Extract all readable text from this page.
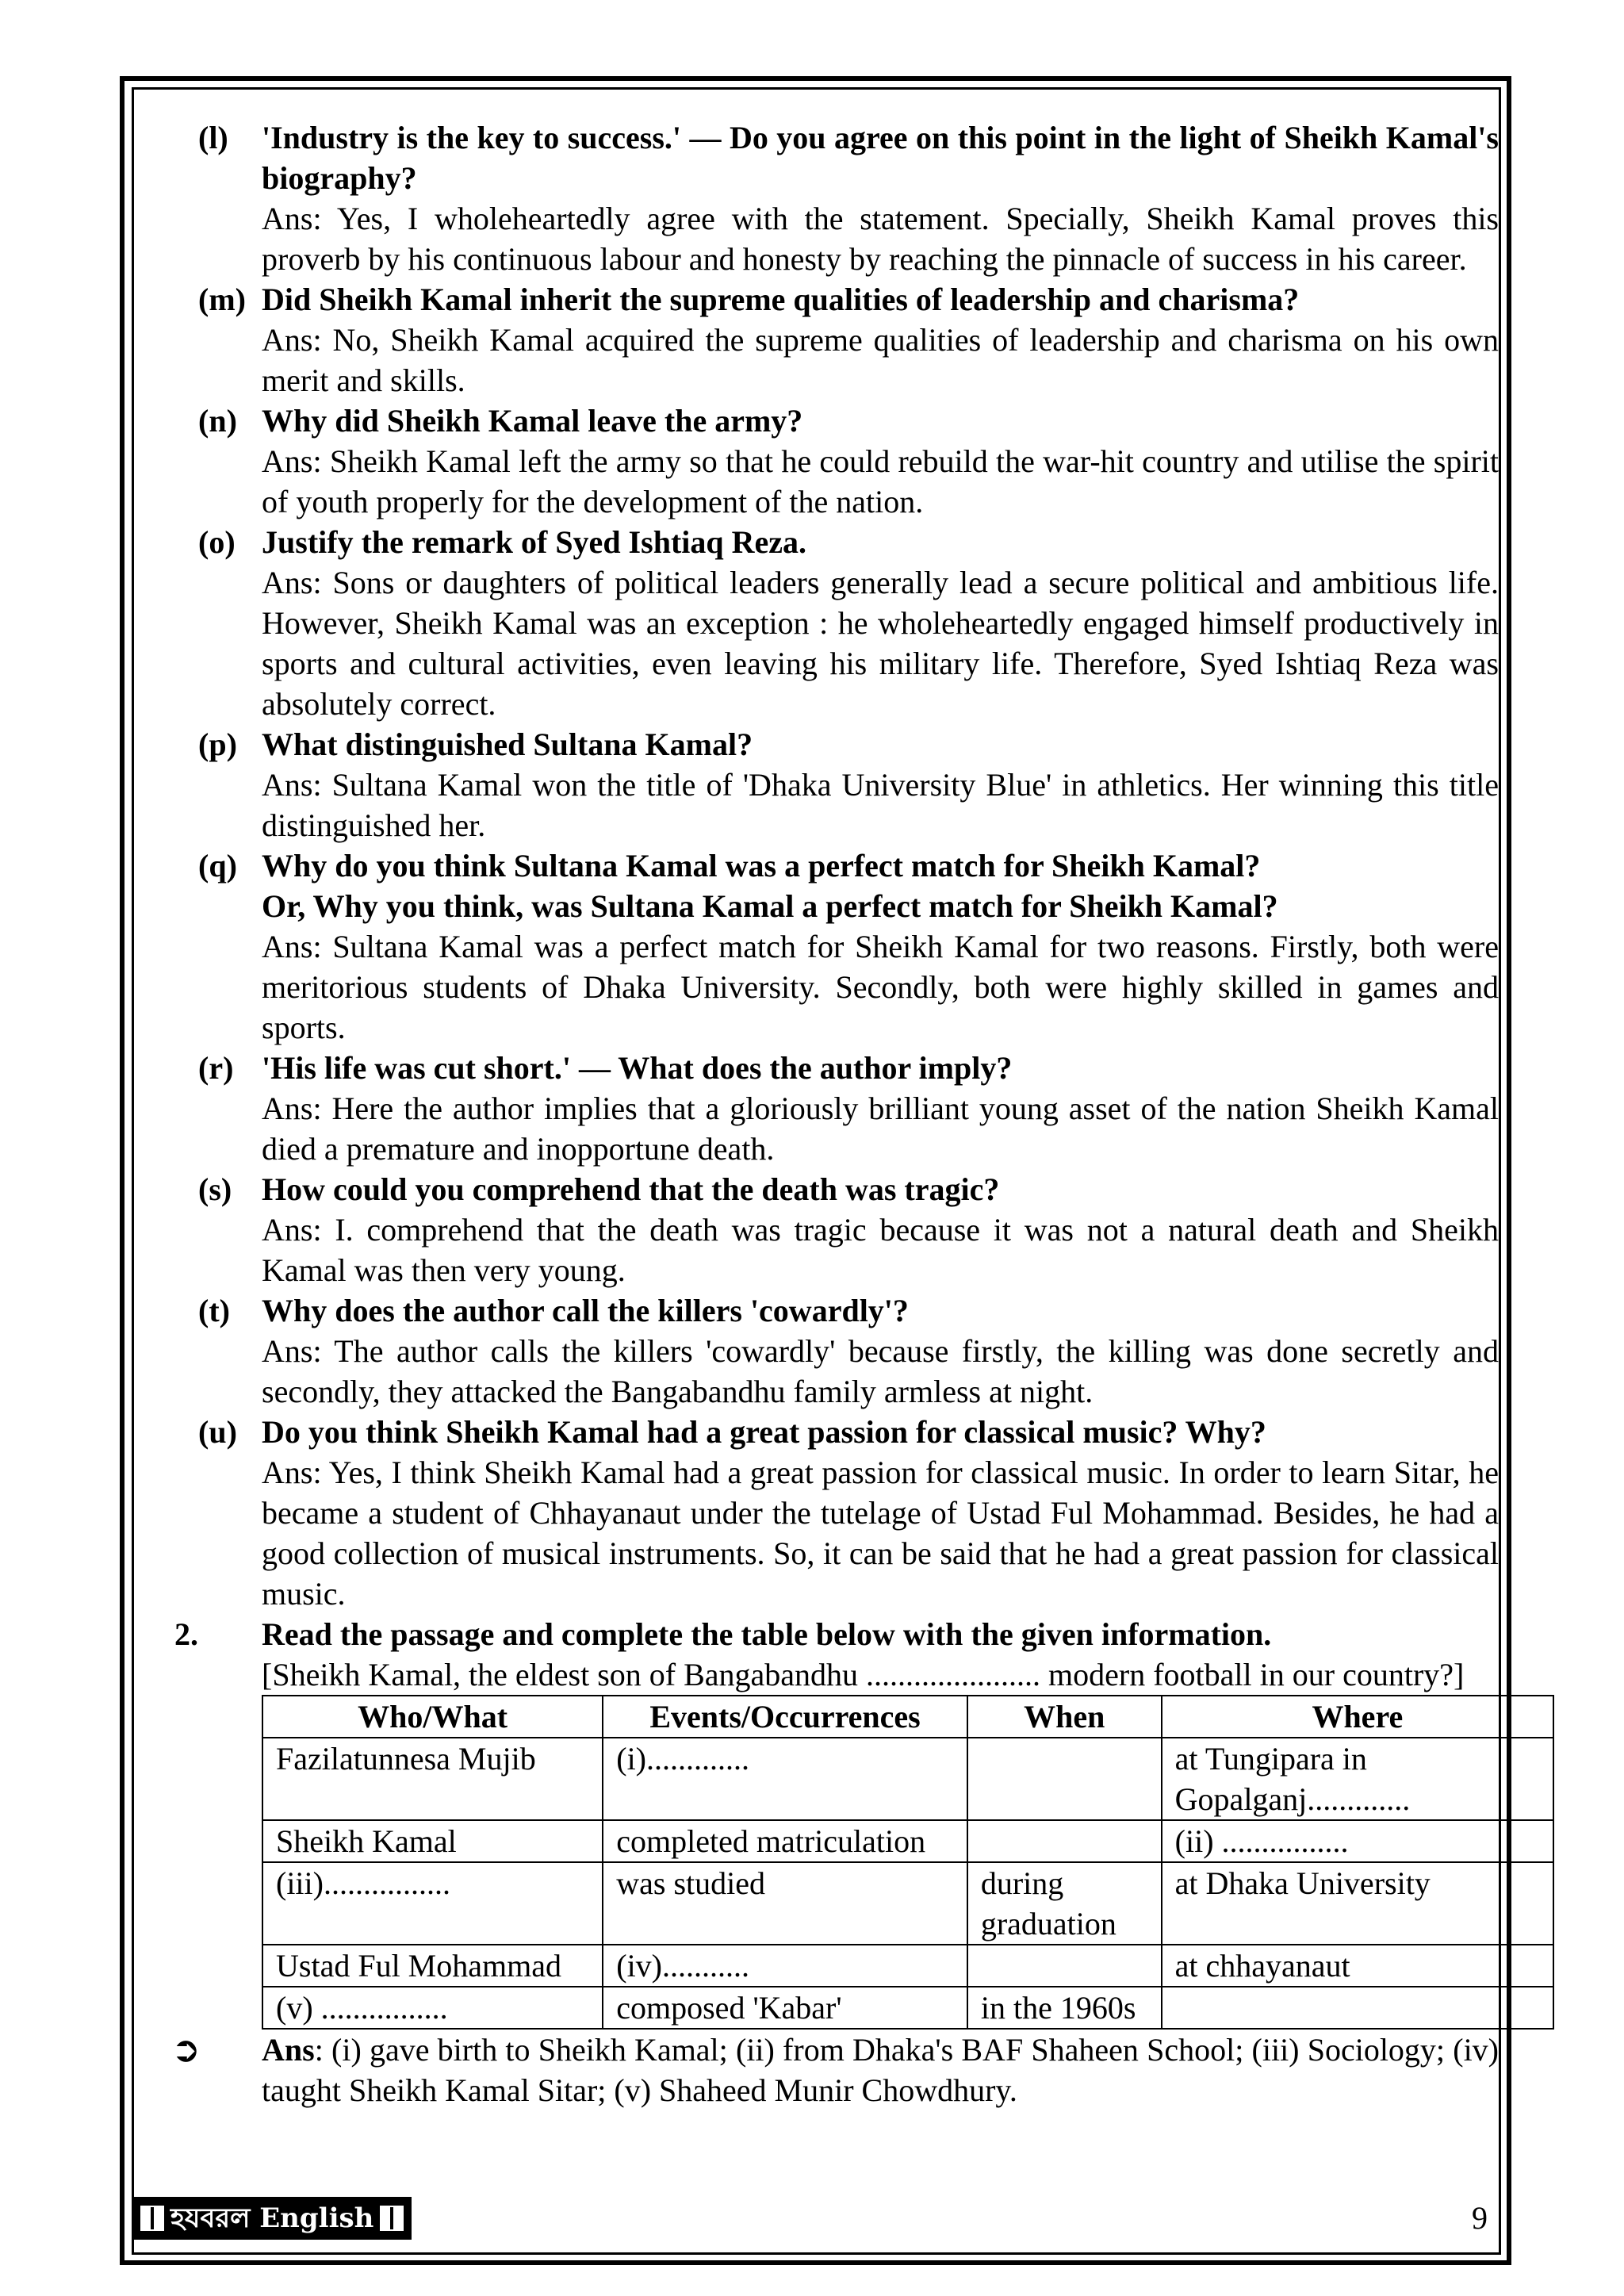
(l) 'Industry is the key to success.' — Do you agree on this point in the light of Sheikh Kamal's biography?
Ans: Yes, I wholeheartedly agree with the statement. Specially, Sheikh Kamal proves this proverb by his continuous labour and honesty by reaching the pinnacle of success in his career.
(m) Did Sheikh Kamal inherit the supreme qualities of leadership and charisma?
Ans: No, Sheikh Kamal acquired the supreme qualities of leadership and charisma on his own merit and skills.
(n) Why did Sheikh Kamal leave the army?
Ans: Sheikh Kamal left the army so that he could rebuild the war-hit country and utilise the spirit of youth properly for the development of the nation.
(o) Justify the remark of Syed Ishtiaq Reza.
Ans: Sons or daughters of political leaders generally lead a secure political and ambitious life. However, Sheikh Kamal was an exception : he wholeheartedly engaged himself productively in sports and cultural activities, even leaving his military life. Therefore, Syed Ishtiaq Reza was absolutely correct.
(p) What distinguished Sultana Kamal?
Ans: Sultana Kamal won the title of 'Dhaka University Blue' in athletics. Her winning this title distinguished her.
(q) Why do you think Sultana Kamal was a perfect match for Sheikh Kamal?
Or, Why you think, was Sultana Kamal a perfect match for Sheikh Kamal?
Ans: Sultana Kamal was a perfect match for Sheikh Kamal for two reasons. Firstly, both were meritorious students of Dhaka University. Secondly, both were highly skilled in games and sports.
(r) 'His life was cut short.' — What does the author imply?
Ans: Here the author implies that a gloriously brilliant young asset of the nation Sheikh Kamal died a premature and inopportune death.
(s) How could you comprehend that the death was tragic?
Ans: I. comprehend that the death was tragic because it was not a natural death and Sheikh Kamal was then very young.
(t) Why does the author call the killers 'cowardly'?
Ans: The author calls the killers 'cowardly' because firstly, the killing was done secretly and secondly, they attacked the Bangabandhu family armless at night.
(u) Do you think Sheikh Kamal had a great passion for classical music? Why?
Ans: Yes, I think Sheikh Kamal had a great passion for classical music. In order to learn Sitar, he became a student of Chhayanaut under the tutelage of Ustad Ful Mohammad. Besides, he had a good collection of musical instruments. So, it can be said that he had a great passion for classical music.
2. Read the passage and complete the table below with the given information.
[Sheikh Kamal, the eldest son of Bangabandhu ...................... modern football in our country?]
Who/What	Events/Occurrences	When	Where
Fazilatunnesa Mujib	(i).............		at Tungipara in Gopalganj.............
Sheikh Kamal	completed matriculation		(ii) ................
(iii)................	was studied	during graduation	at Dhaka University
Ustad Ful Mohammad	(iv)...........		at chhayanaut
(v) ................	composed 'Kabar'	in the 1960s	
➲ Ans: (i) gave birth to Sheikh Kamal; (ii) from Dhaka's BAF Shaheen School; (iii) Sociology; (iv) taught Sheikh Kamal Sitar; (v) Shaheed Munir Chowdhury.
হযবরল English	9
